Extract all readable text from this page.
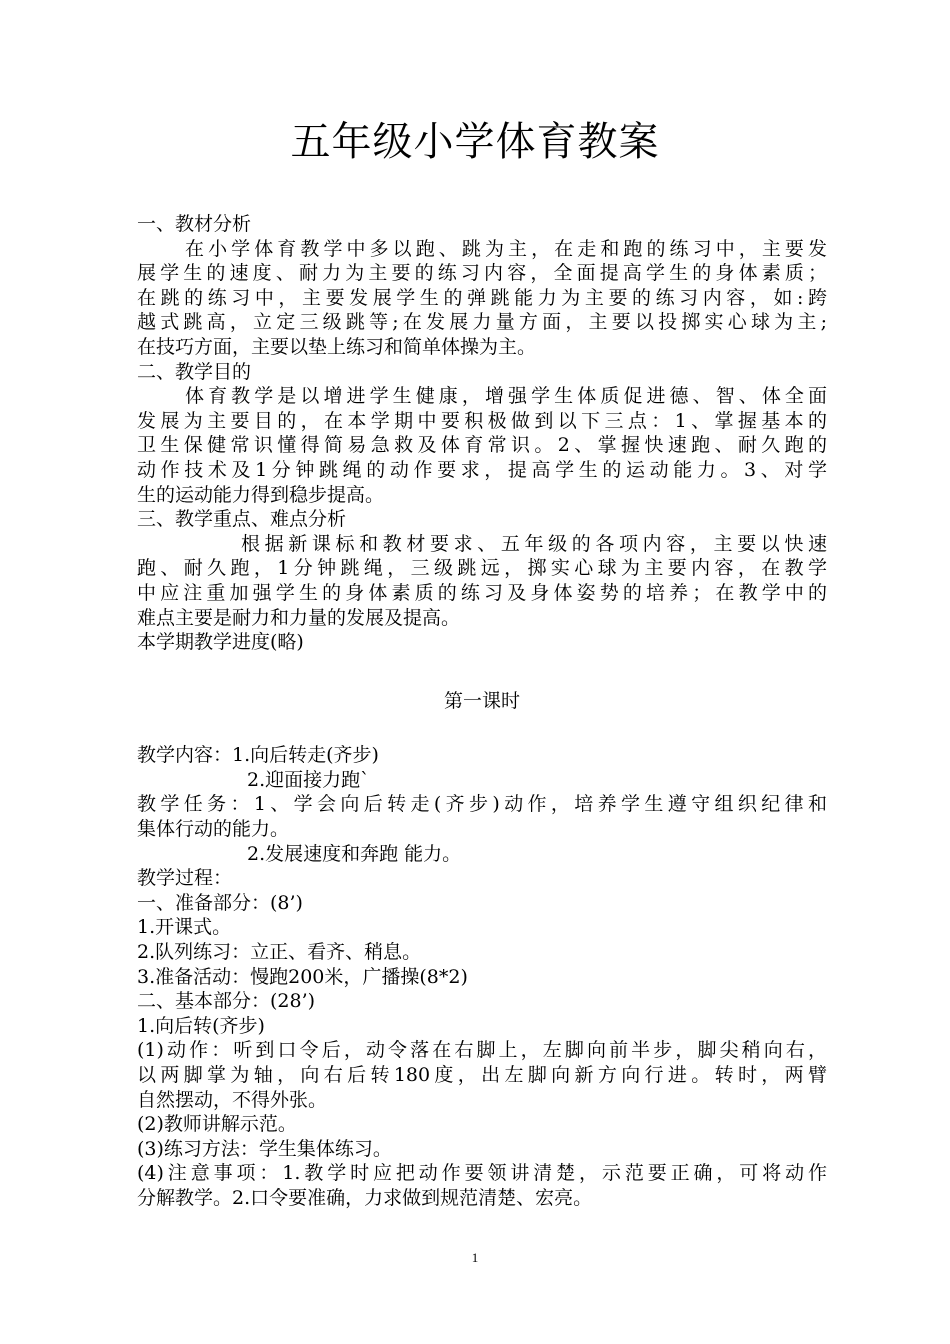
五年级小学体育教案
一、教材分析
在小学体育教学中多以跑、跳为主，在走和跑的练习中，主要发
展学生的速度、耐力为主要的练习内容，全面提高学生的身体素质；
在跳的练习中，主要发展学生的弹跳能力为主要的练习内容，如:跨
越式跳高，立定三级跳等;在发展力量方面，主要以投掷实心球为主;
在技巧方面，主要以垫上练习和简单体操为主。
二、教学目的
体育教学是以增进学生健康，增强学生体质促进德、智、体全面
发展为主要目的，在本学期中要积极做到以下三点：1、掌握基本的
卫生保健常识懂得简易急救及体育常识。2、掌握快速跑、耐久跑的
动作技术及1分钟跳绳的动作要求，提高学生的运动能力。3、对学
生的运动能力得到稳步提高。
三、教学重点、难点分析
根据新课标和教材要求、五年级的各项内容，主要以快速
跑、耐久跑，1分钟跳绳，三级跳远，掷实心球为主要内容，在教学
中应注重加强学生的身体素质的练习及身体姿势的培养；在教学中的
难点主要是耐力和力量的发展及提高。
本学期教学进度(略)
第一课时
教学内容：1.向后转走(齐步)
2.迎面接力跑`
教学任务：1、学会向后转走(齐步)动作，培养学生遵守组织纪律和
集体行动的能力。
2.发展速度和奔跑 能力。
教学过程：
一、准备部分：(8’)
1.开课式。
2.队列练习：立正、看齐、稍息。
3.准备活动：慢跑200米，广播操(8*2)
二、基本部分：(28’)
1.向后转(齐步)
(1)动作：听到口令后，动令落在右脚上，左脚向前半步，脚尖稍向右，
以两脚掌为轴，向右后转180度，出左脚向新方向行进。转时，两臂
自然摆动，不得外张。
(2)教师讲解示范。
(3)练习方法：学生集体练习。
(4)注意事项：1.教学时应把动作要领讲清楚，示范要正确，可将动作
分解教学。2.口令要准确，力求做到规范清楚、宏亮。
1
